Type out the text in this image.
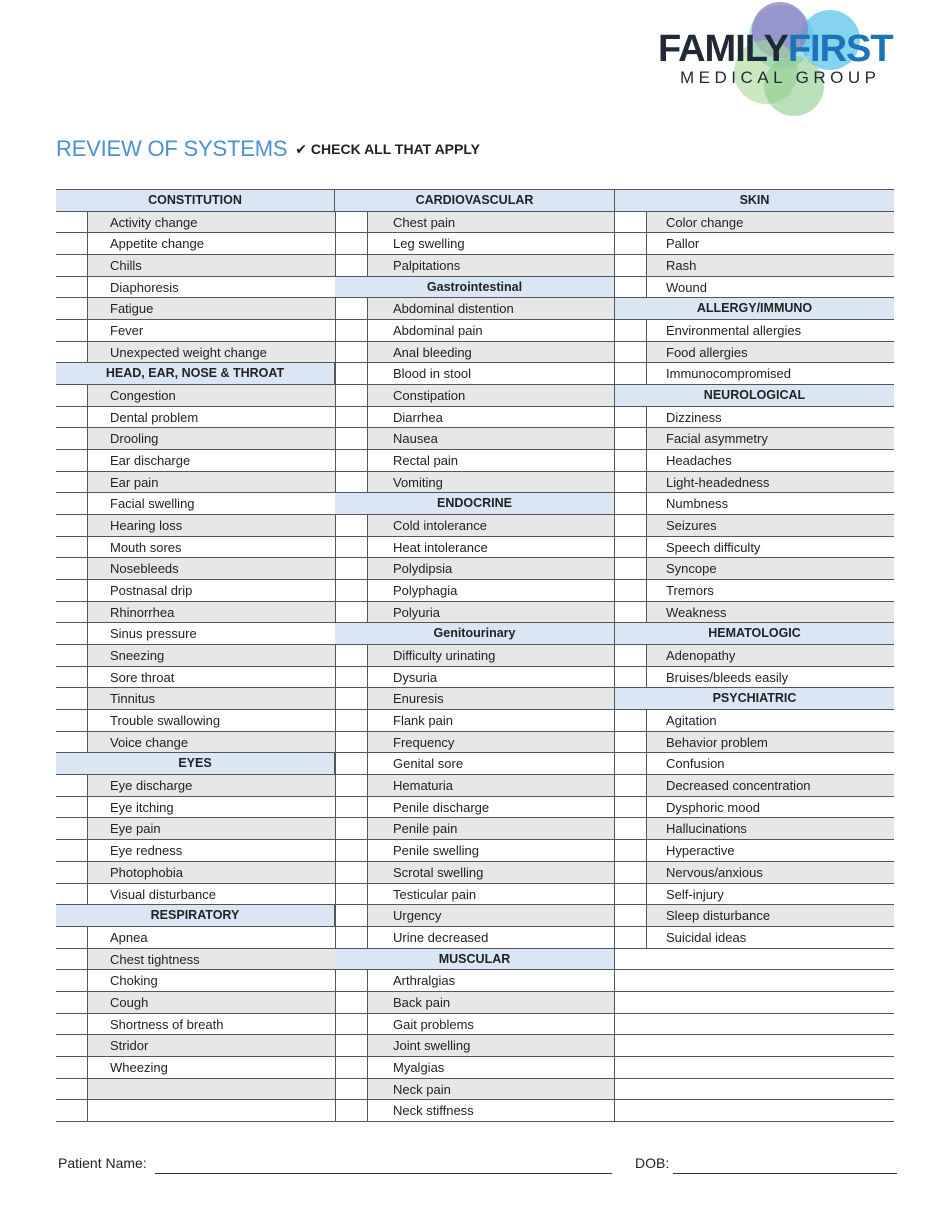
FAMILYFIRST
MEDICAL GROUP
REVIEW OF SYSTEMS ✔ CHECK ALL THAT APPLY
CONSTITUTION
Activity change
Appetite change
Chills
Diaphoresis
Fatigue
Fever
Unexpected weight change
HEAD, EAR, NOSE & THROAT
Congestion
Dental problem
Drooling
Ear discharge
Ear pain
Facial swelling
Hearing loss
Mouth sores
Nosebleeds
Postnasal drip
Rhinorrhea
Sinus pressure
Sneezing
Sore throat
Tinnitus
Trouble swallowing
Voice change
EYES
Eye discharge
Eye itching
Eye pain
Eye redness
Photophobia
Visual disturbance
RESPIRATORY
Apnea
Chest tightness
Choking
Cough
Shortness of breath
Stridor
Wheezing
CARDIOVASCULAR
Chest pain
Leg swelling
Palpitations
Gastrointestinal
Abdominal distention
Abdominal pain
Anal bleeding
Blood in stool
Constipation
Diarrhea
Nausea
Rectal pain
Vomiting
ENDOCRINE
Cold intolerance
Heat intolerance
Polydipsia
Polyphagia
Polyuria
Genitourinary
Difficulty urinating
Dysuria
Enuresis
Flank pain
Frequency
Genital sore
Hematuria
Penile discharge
Penile pain
Penile swelling
Scrotal swelling
Testicular pain
Urgency
Urine decreased
MUSCULAR
Arthralgias
Back pain
Gait problems
Joint swelling
Myalgias
Neck pain
Neck stiffness
SKIN
Color change
Pallor
Rash
Wound
ALLERGY/IMMUNO
Environmental allergies
Food allergies
Immunocompromised
NEUROLOGICAL
Dizziness
Facial asymmetry
Headaches
Light-headedness
Numbness
Seizures
Speech difficulty
Syncope
Tremors
Weakness
HEMATOLOGIC
Adenopathy
Bruises/bleeds easily
PSYCHIATRIC
Agitation
Behavior problem
Confusion
Decreased concentration
Dysphoric mood
Hallucinations
Hyperactive
Nervous/anxious
Self-injury
Sleep disturbance
Suicidal ideas
Patient Name:	DOB:
